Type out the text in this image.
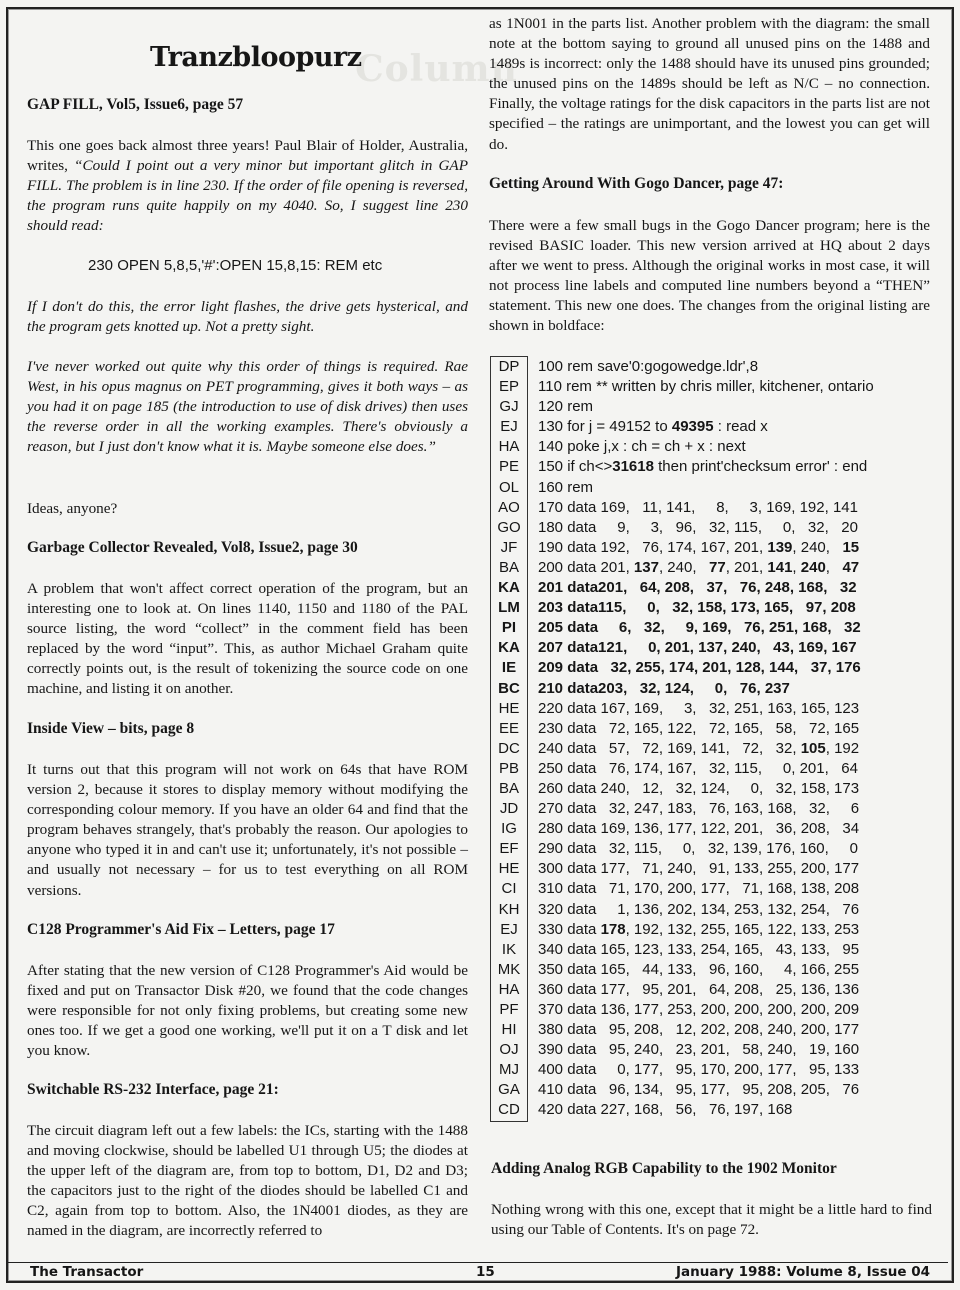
Column
Tranzbloopurz
GAP FILL, Vol5, Issue6, page 57

This one goes back almost three years! Paul Blair of Holder, Australia, writes, “Could I point out a very minor but important glitch in GAP FILL. The problem is in line 230. If the order of file opening is reversed, the program runs quite happily on my 4040. So, I suggest line 230 should read:

230 OPEN 5,8,5,'#':OPEN 15,8,15: REM etc

If I don't do this, the error light flashes, the drive gets hysterical, and the program gets knotted up. Not a pretty sight.

I've never worked out quite why this order of things is required. Rae West, in his opus magnus on PET programming, gives it both ways – as you had it on page 185 (the introduction to use of disk drives) then uses the reverse order in all the working examples. There's obviously a reason, but I just don't know what it is. Maybe someone else does.”

Ideas, anyone?

Garbage Collector Revealed, Vol8, Issue2, page 30

A problem that won't affect correct operation of the program, but an interesting one to look at. On lines 1140, 1150 and 1180 of the PAL source listing, the word “collect” in the comment field has been replaced by the word “input”. This, as author Michael Graham quite correctly points out, is the result of tokenizing the source code on one machine, and listing it on another.

Inside View – bits, page 8

It turns out that this program will not work on 64s that have ROM version 2, because it stores to display memory without modifying the corresponding colour memory. If you have an older 64 and find that the program behaves strangely, that's probably the reason. Our apologies to anyone who typed it in and can't use it; unfortunately, it's not possible – and usually not necessary – for us to test everything on all ROM versions.

C128 Programmer's Aid Fix – Letters, page 17

After stating that the new version of C128 Programmer's Aid would be fixed and put on Transactor Disk #20, we found that the code changes were responsible for not only fixing problems, but creating some new ones too. If we get a good one working, we'll put it on a T disk and let you know.

Switchable RS-232 Interface, page 21:

The circuit diagram left out a few labels: the ICs, starting with the 1488 and moving clockwise, should be labelled U1 through U5; the diodes at the upper left of the diagram are, from top to bottom, D1, D2 and D3; the capacitors just to the right of the diodes should be labelled C1 and C2, again from top to bottom. Also, the 1N4001 diodes, as they are named in the diagram, are incorrectly referred to

as 1N001 in the parts list. Another problem with the diagram: the small note at the bottom saying to ground all unused pins on the 1488 and 1489s is incorrect: only the 1488 should have its unused pins grounded; the unused pins on the 1489s should be left as N/C – no connection. Finally, the voltage ratings for the disk capacitors in the parts list are not specified – the ratings are unimportant, and the lowest you can get will do.

Getting Around With Gogo Dancer, page 47:

There were a few small bugs in the Gogo Dancer program; here is the revised BASIC loader. This new version arrived at HQ about 2 days after we went to press. Although the original works in most case, it will not process line labels and computed line numbers beyond a “THEN” statement. This new one does. The changes from the original listing are shown in boldface:

DP
EP
GJ
EJ
HA
PE
OL
AO
GO
JF
BA
KA
LM
PI
KA
IE
BC
HE
EE
DC
PB
BA
JD
IG
EF
HE
CI
KH
EJ
IK
MK
HA
PF
HI
OJ
MJ
GA
CD
100 rem save'0:gogowedge.ldr',8
110 rem ** written by chris miller, kitchener, ontario
120 rem
130 for j = 49152 to 49395 : read x
140 poke j,x : ch = ch + x : next
150 if ch<>31618 then print'checksum error' : end
160 rem
170 data 169,   11, 141,     8,     3, 169, 192, 141
180 data     9,     3,   96,   32, 115,     0,   32,   20
190 data 192,   76, 174, 167, 201, 139, 240,   15
200 data 201, 137, 240,   77, 201, 141, 240,   47
201 data201,   64, 208,   37,   76, 248, 168,   32
203 data115,     0,   32, 158, 173, 165,   97, 208
205 data     6,   32,     9, 169,   76, 251, 168,   32
207 data121,     0, 201, 137, 240,   43, 169, 167
209 data   32, 255, 174, 201, 128, 144,   37, 176
210 data203,   32, 124,     0,   76, 237
220 data 167, 169,     3,   32, 251, 163, 165, 123
230 data   72, 165, 122,   72, 165,   58,   72, 165
240 data   57,   72, 169, 141,   72,   32, 105, 192
250 data   76, 174, 167,   32, 115,     0, 201,   64
260 data 240,   12,   32, 124,     0,   32, 158, 173
270 data   32, 247, 183,   76, 163, 168,   32,     6
280 data 169, 136, 177, 122, 201,   36, 208,   34
290 data   32, 115,     0,   32, 139, 176, 160,     0
300 data 177,   71, 240,   91, 133, 255, 200, 177
310 data   71, 170, 200, 177,   71, 168, 138, 208
320 data     1, 136, 202, 134, 253, 132, 254,   76
330 data 178, 192, 132, 255, 165, 122, 133, 253
340 data 165, 123, 133, 254, 165,   43, 133,   95
350 data 165,   44, 133,   96, 160,     4, 166, 255
360 data 177,   95, 201,   64, 208,   25, 136, 136
370 data 136, 177, 253, 200, 200, 200, 200, 209
380 data   95, 208,   12, 202, 208, 240, 200, 177
390 data   95, 240,   23, 201,   58, 240,   19, 160
400 data     0, 177,   95, 170, 200, 177,   95, 133
410 data   96, 134,   95, 177,   95, 208, 205,   76
420 data 227, 168,   56,   76, 197, 168
Adding Analog RGB Capability to the 1902 Monitor

Nothing wrong with this one, except that it might be a little hard to find using our Table of Contents. It's on page 72.

The Transactor	15	January 1988: Volume 8, Issue 04
